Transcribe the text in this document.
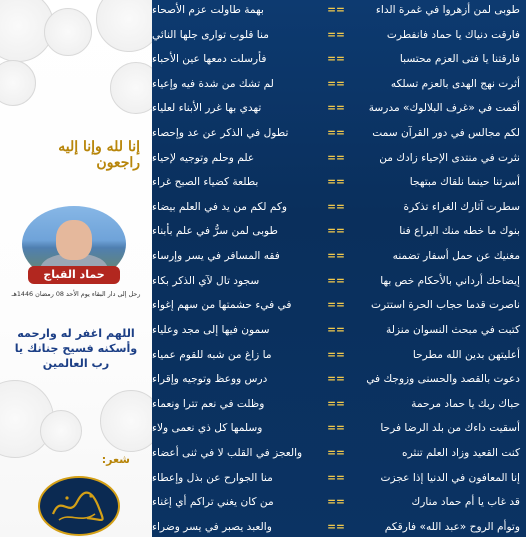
طوبى لمن أزهروا في غمرة الداء
==
بهمة طاولت عزم الأصحاء
فارقت دنياك يا حماد فانفطرت
==
منا قلوب توارى جلها النائي
فارقتنا يا فتى العزم محتسبا
==
فأرسلت دمعها عين الأحباء
أثرت نهج الهدى بالعزم تسلكه
==
لم تشك من شدة فيه وإعياء
أقمت في «غرف البلالوك» مدرسة
==
تهدي بها غرر الأبناء لعلياء
لكم مجالس في دور القرآن سمت
==
تطول في الذكر عن عد وإحصاء
نثرت في منتدى الإحياء زادك من
==
علم وحلم وتوجيه لإحياء
أسرتنا حينما نلقاك مبتهجا
==
بطلعة كضياء الصبح غراء
سطرت آثارك الغراء تذكرة
==
وكم لكم من يد في العلم بيضاء
بنوك ما خطه منك اليراع فنا
==
طوبى لمن سرُّ في علم بأبناء
مغنيك عن حمل أسفار تضمنه
==
فقه المسافر في يسر وإرساء
إيضاحك أرداني بالأحكام خص بها
==
سجود تال لآي الذكر بكاء
ناصرت قدما حجاب الحرة استترت
==
في فيء حشمتها من سهم إغواء
كتبت في مبحث النسوان منزلة
==
سمون فيها إلى مجد وعلياء
أعليتهن بدين الله مطرحا
==
ما زاغ من شبه للقوم عمياء
دعوت بالقصد والحسنى وزوجك في
==
درس ووعظ وتوجيه وإقراء
حباك ربك يا حماد مرحمة
==
وظلت في نعم تترا ونعماء
أسقيت داءك من بلد الرضا فرحا
==
وسلمها كل ذي نعمى ولاء
كنت القعيد وزاد العلم تنثره
==
والعجز في القلب لا في ثنى أعضاء
إنا المعافون في الدنيا إذا عجزت
==
منا الجوارح عن بذل وإعطاء
قد غاب يا أم حماد منارك
==
من كان يغني تراكم أي إغناء
وتوأم الروح «عبد الله» فارقكم
==
والعبد يصبر في يسر وضراء
إنا لله وإنا إليه راجعون
حماد القباج
رحل إلى دار البقاء يوم الأحد 08 رمضان 1446هـ
اللهم اغفر له وارحمه وأسكنه فسيح جنانك يا رب العالمين
شعر:
